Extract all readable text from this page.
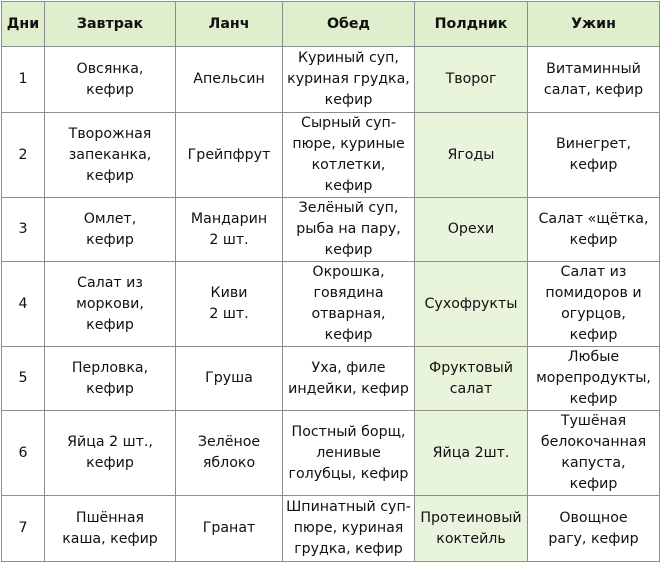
Дни	Завтрак	Ланч	Обед	Полдник	Ужин

1	Овсянка,
кефир	Апельсин	Куриный суп,
куриная грудка,
кефир	Творог	Витаминный
салат, кефир

2	Творожная
запеканка,
кефир	Грейпфрут	Сырный суп-
пюре, куриные
котлетки, кефир	Ягоды	Винегрет,
кефир

3	Омлет,
кефир	Мандарин
2 шт.	Зелёный суп,
рыба на пару,
кефир	Орехи	Салат «щётка,
кефир

4	Салат из
моркови,
кефир	Киви
2 шт.	Окрошка,
говядина
отварная,
кефир	Сухофрукты	Салат из
помидоров и
огурцов,
кефир

5	Перловка,
кефир	Груша	Уха, филе
индейки, кефир	Фруктовый
салат	Любые
морепродукты,
кефир

6	Яйца 2 шт.,
кефир	Зелёное
яблоко	Постный борщ,
ленивые
голубцы, кефир	Яйца 2шт.	Тушёная
белокочанная
капуста,
кефир

7	Пшённая
каша, кефир	Гранат	Шпинатный суп-
пюре, куриная
грудка, кефир	Протеиновый
коктейль	Овощное
рагу, кефир
